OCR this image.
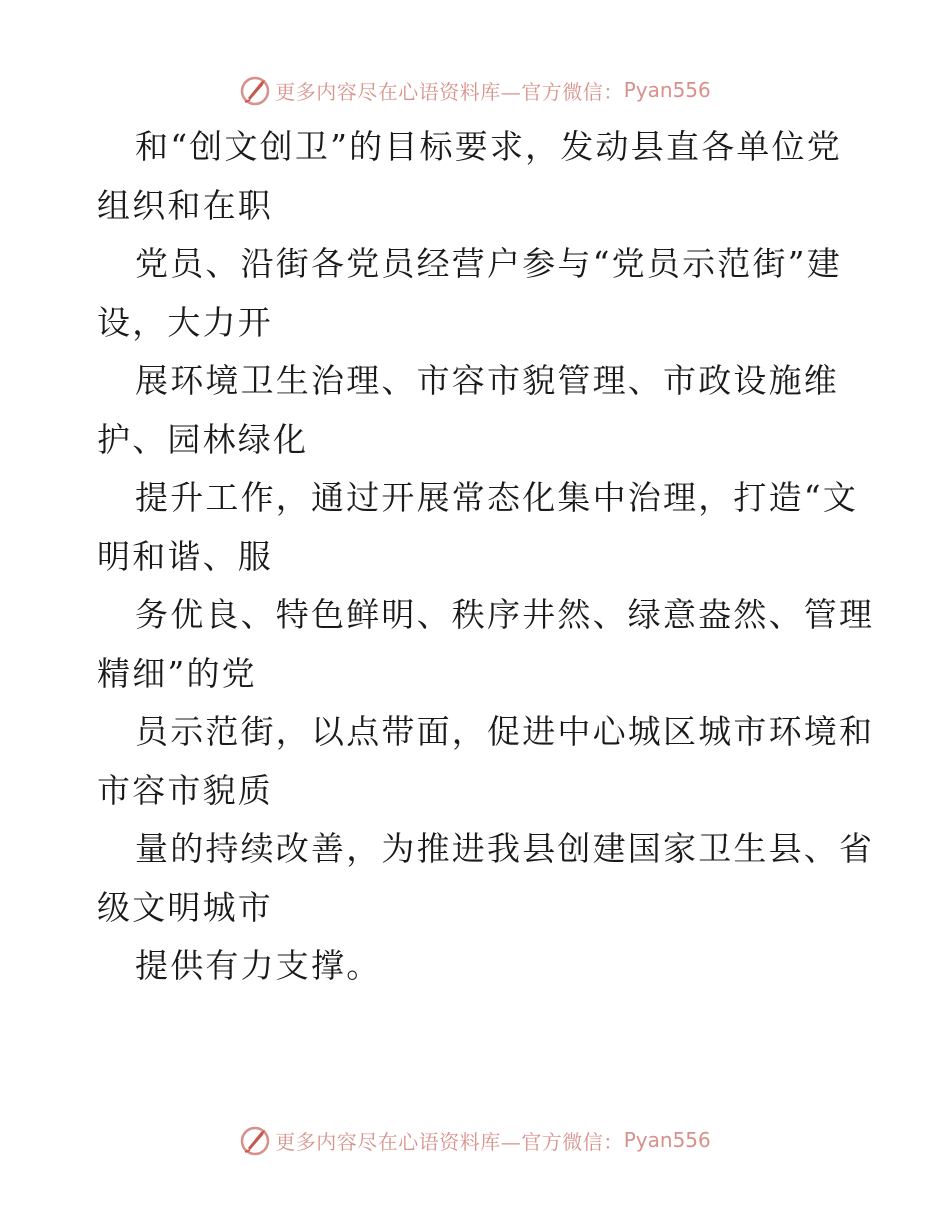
更多内容尽在心语资料库—官方微信： Pyan556
和“创文创卫”的目标要求，发动县直各单位党
组织和在职
党员、沿街各党员经营户参与“党员示范街”建
设，大力开
展环境卫生治理、市容市貌管理、市政设施维
护、园林绿化
提升工作，通过开展常态化集中治理，打造“文
明和谐、服
务优良、特色鲜明、秩序井然、绿意盎然、管理
精细”的党
员示范街，以点带面，促进中心城区城市环境和
市容市貌质
量的持续改善，为推进我县创建国家卫生县、省
级文明城市
提供有力支撑。
更多内容尽在心语资料库—官方微信： Pyan556
